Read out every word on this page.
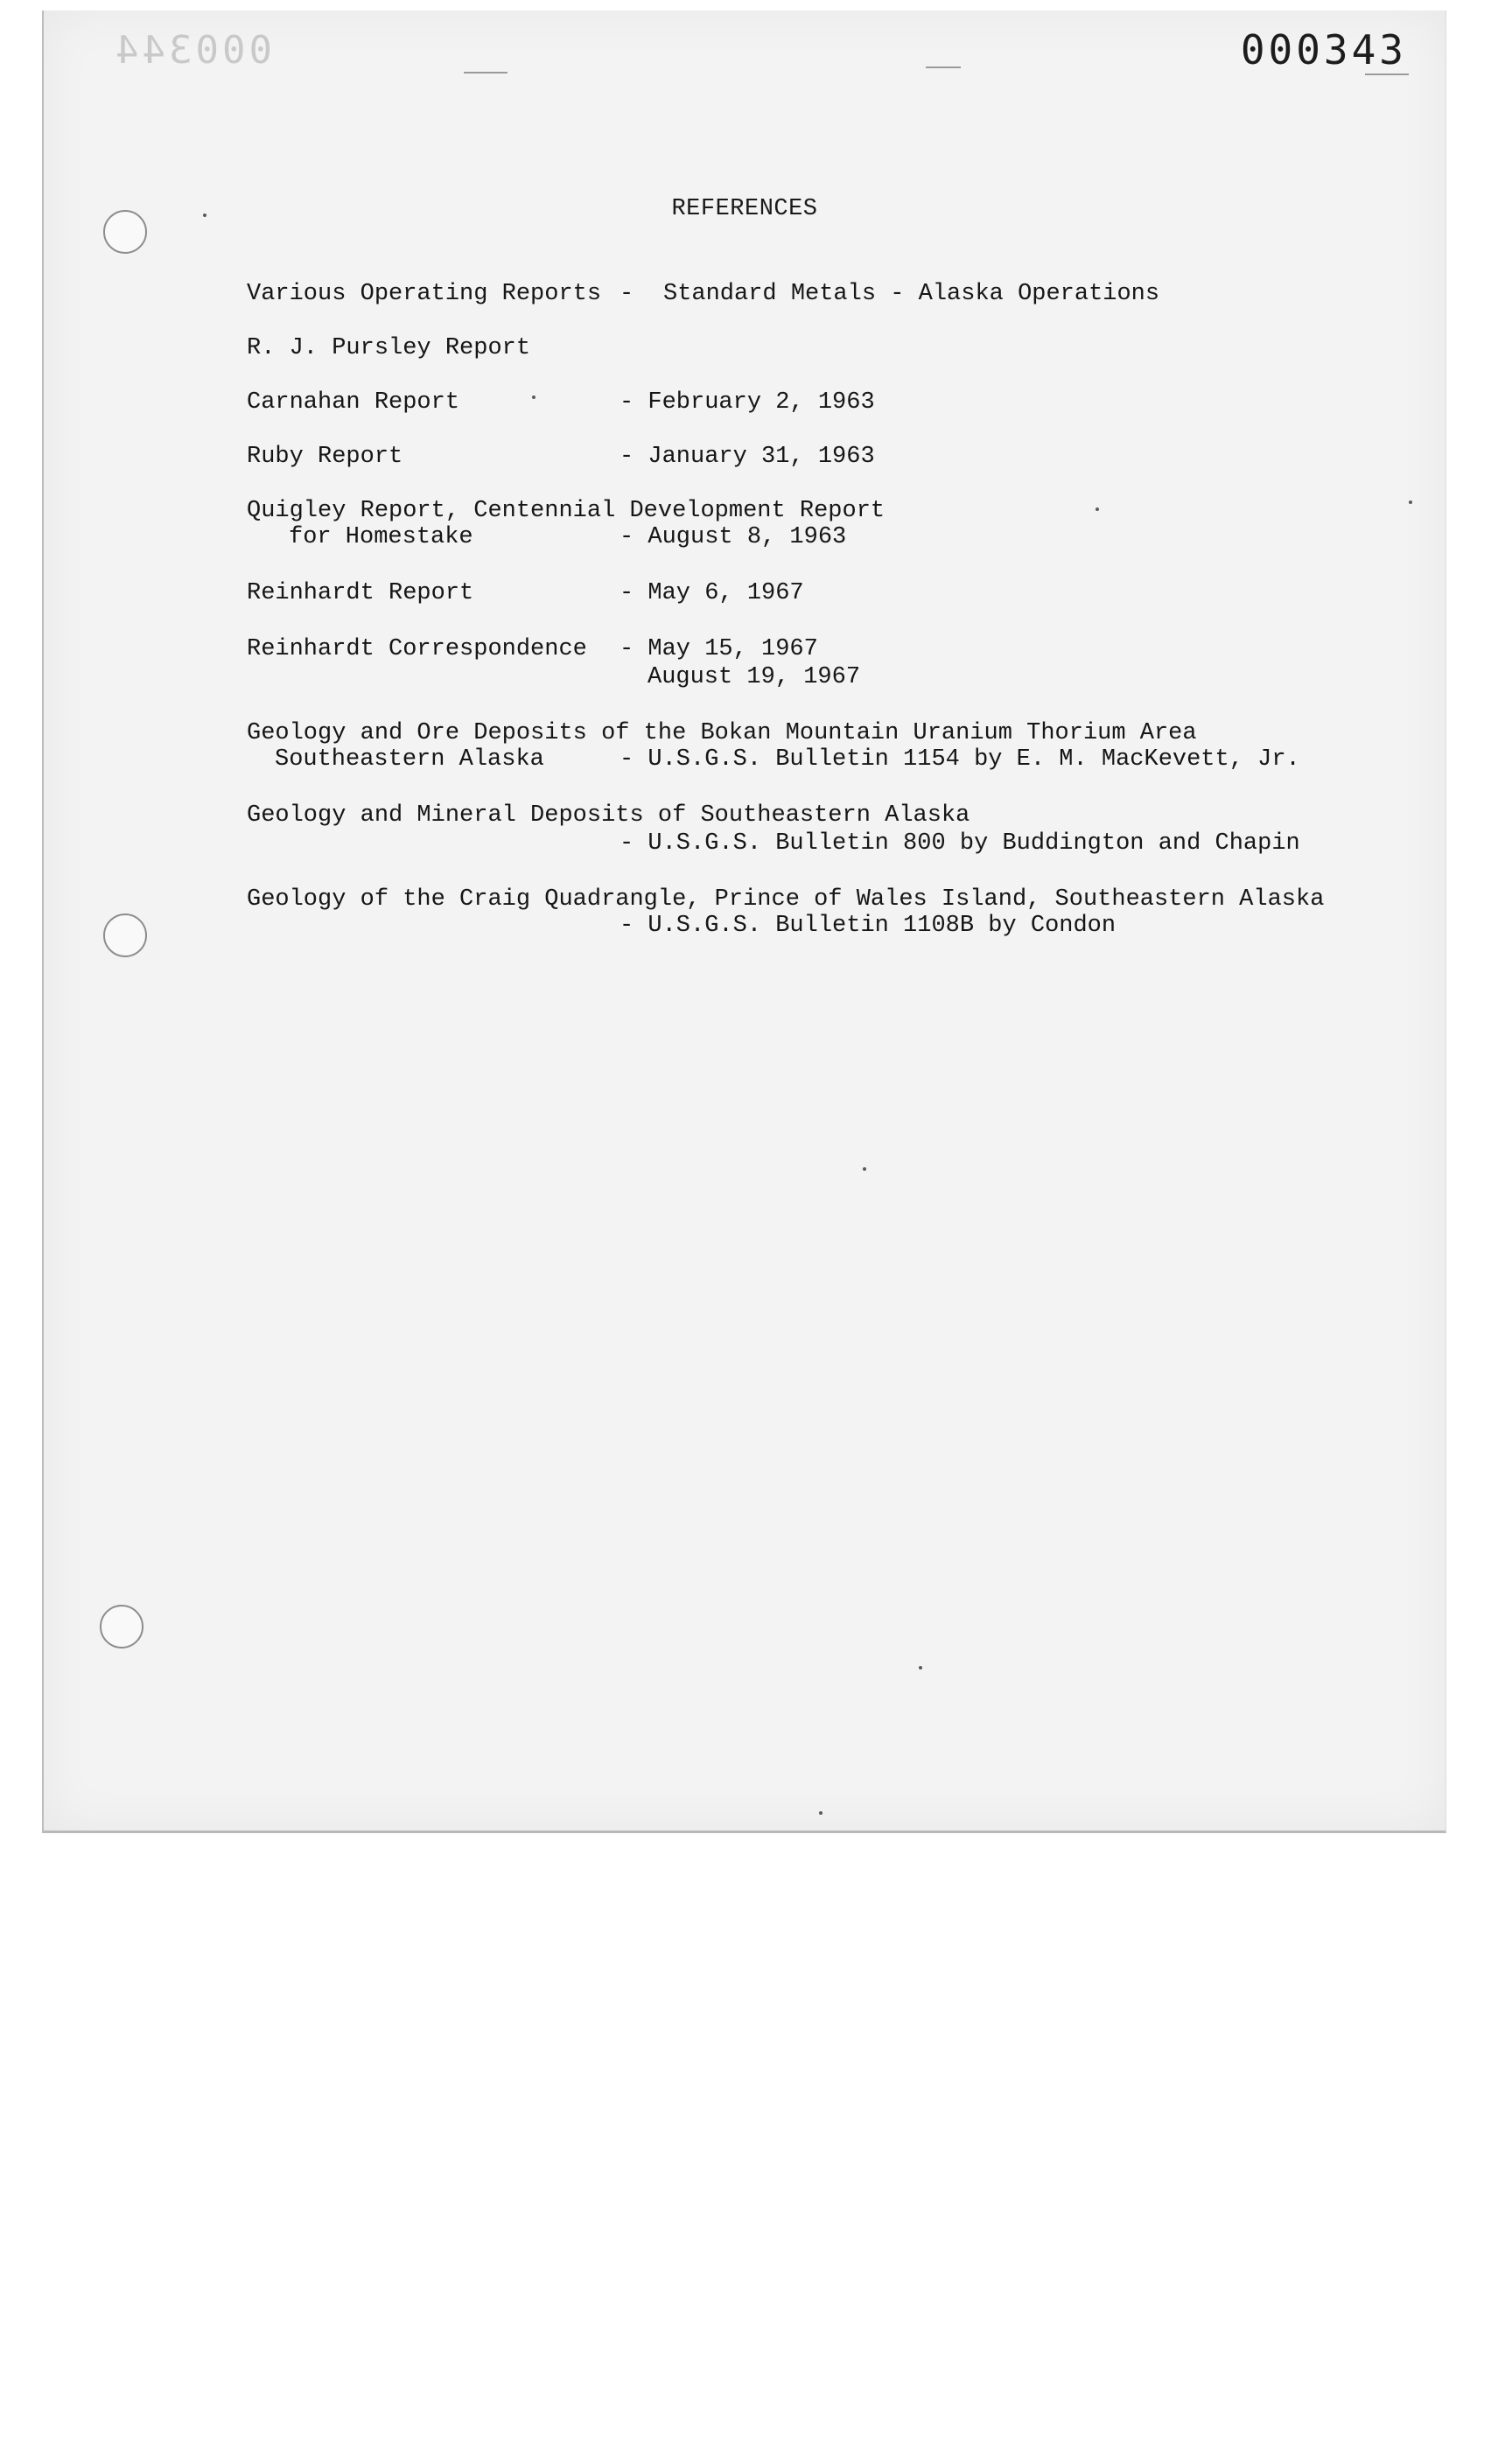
000344	000343
REFERENCES
Various Operating Reports - Standard Metals - Alaska Operations
R. J. Pursley Report
Carnahan Report	- February 2, 1963
Ruby Report	- January 31, 1963
Quigley Report, Centennial Development Report
for Homestake	- August 8, 1963
Reinhardt Report	- May 6, 1967
Reinhardt Correspondence - May 15, 1967
August 19, 1967
Geology and Ore Deposits of the Bokan Mountain Uranium Thorium Area
Southeastern Alaska	- U.S.G.S. Bulletin 1154 by E. M. MacKevett, Jr.
Geology and Mineral Deposits of Southeastern Alaska
- U.S.G.S. Bulletin 800 by Buddington and Chapin
Geology of the Craig Quadrangle, Prince of Wales Island, Southeastern Alaska
- U.S.G.S. Bulletin 1108B by Condon
